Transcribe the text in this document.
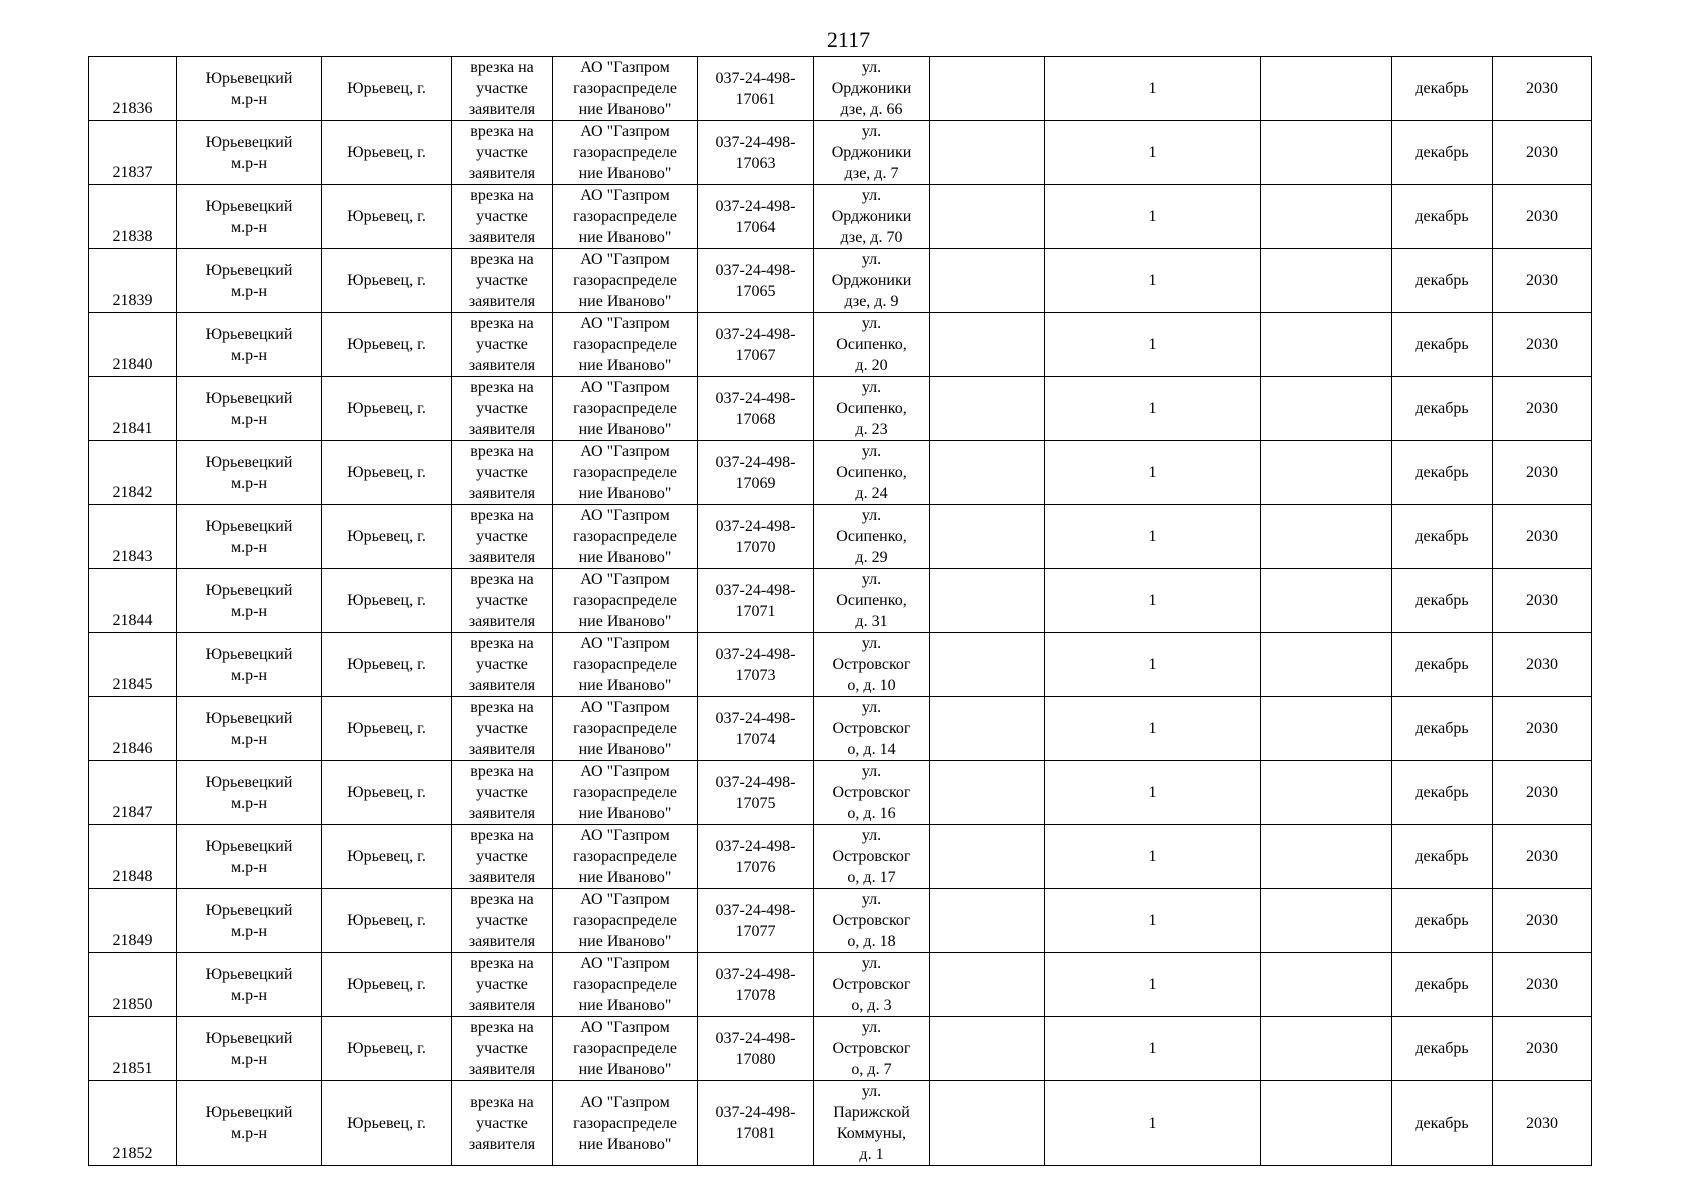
2117
21836	Юрьевецкий
м.р-н	Юрьевец, г.	врезка на
участке
заявителя	АО "Газпром
газораспределе
ние Иваново"	037-24-498-
17061	ул.
Орджоники
дзе, д. 66		1		декабрь	2030

21837	Юрьевецкий
м.р-н	Юрьевец, г.	врезка на
участке
заявителя	АО "Газпром
газораспределе
ние Иваново"	037-24-498-
17063	ул.
Орджоники
дзе, д. 7		1		декабрь	2030

21838	Юрьевецкий
м.р-н	Юрьевец, г.	врезка на
участке
заявителя	АО "Газпром
газораспределе
ние Иваново"	037-24-498-
17064	ул.
Орджоники
дзе, д. 70		1		декабрь	2030

21839	Юрьевецкий
м.р-н	Юрьевец, г.	врезка на
участке
заявителя	АО "Газпром
газораспределе
ние Иваново"	037-24-498-
17065	ул.
Орджоники
дзе, д. 9		1		декабрь	2030

21840	Юрьевецкий
м.р-н	Юрьевец, г.	врезка на
участке
заявителя	АО "Газпром
газораспределе
ние Иваново"	037-24-498-
17067	ул.
Осипенко,
д. 20		1		декабрь	2030

21841	Юрьевецкий
м.р-н	Юрьевец, г.	врезка на
участке
заявителя	АО "Газпром
газораспределе
ние Иваново"	037-24-498-
17068	ул.
Осипенко,
д. 23		1		декабрь	2030

21842	Юрьевецкий
м.р-н	Юрьевец, г.	врезка на
участке
заявителя	АО "Газпром
газораспределе
ние Иваново"	037-24-498-
17069	ул.
Осипенко,
д. 24		1		декабрь	2030

21843	Юрьевецкий
м.р-н	Юрьевец, г.	врезка на
участке
заявителя	АО "Газпром
газораспределе
ние Иваново"	037-24-498-
17070	ул.
Осипенко,
д. 29		1		декабрь	2030

21844	Юрьевецкий
м.р-н	Юрьевец, г.	врезка на
участке
заявителя	АО "Газпром
газораспределе
ние Иваново"	037-24-498-
17071	ул.
Осипенко,
д. 31		1		декабрь	2030

21845	Юрьевецкий
м.р-н	Юрьевец, г.	врезка на
участке
заявителя	АО "Газпром
газораспределе
ние Иваново"	037-24-498-
17073	ул.
Островског
о, д. 10		1		декабрь	2030

21846	Юрьевецкий
м.р-н	Юрьевец, г.	врезка на
участке
заявителя	АО "Газпром
газораспределе
ние Иваново"	037-24-498-
17074	ул.
Островског
о, д. 14		1		декабрь	2030

21847	Юрьевецкий
м.р-н	Юрьевец, г.	врезка на
участке
заявителя	АО "Газпром
газораспределе
ние Иваново"	037-24-498-
17075	ул.
Островског
о, д. 16		1		декабрь	2030

21848	Юрьевецкий
м.р-н	Юрьевец, г.	врезка на
участке
заявителя	АО "Газпром
газораспределе
ние Иваново"	037-24-498-
17076	ул.
Островског
о, д. 17		1		декабрь	2030

21849	Юрьевецкий
м.р-н	Юрьевец, г.	врезка на
участке
заявителя	АО "Газпром
газораспределе
ние Иваново"	037-24-498-
17077	ул.
Островског
о, д. 18		1		декабрь	2030

21850	Юрьевецкий
м.р-н	Юрьевец, г.	врезка на
участке
заявителя	АО "Газпром
газораспределе
ние Иваново"	037-24-498-
17078	ул.
Островског
о, д. 3		1		декабрь	2030

21851	Юрьевецкий
м.р-н	Юрьевец, г.	врезка на
участке
заявителя	АО "Газпром
газораспределе
ние Иваново"	037-24-498-
17080	ул.
Островског
о, д. 7		1		декабрь	2030

21852	Юрьевецкий
м.р-н	Юрьевец, г.	врезка на
участке
заявителя	АО "Газпром
газораспределе
ние Иваново"	037-24-498-
17081	ул.
Парижской
Коммуны,
д. 1		1		декабрь	2030
